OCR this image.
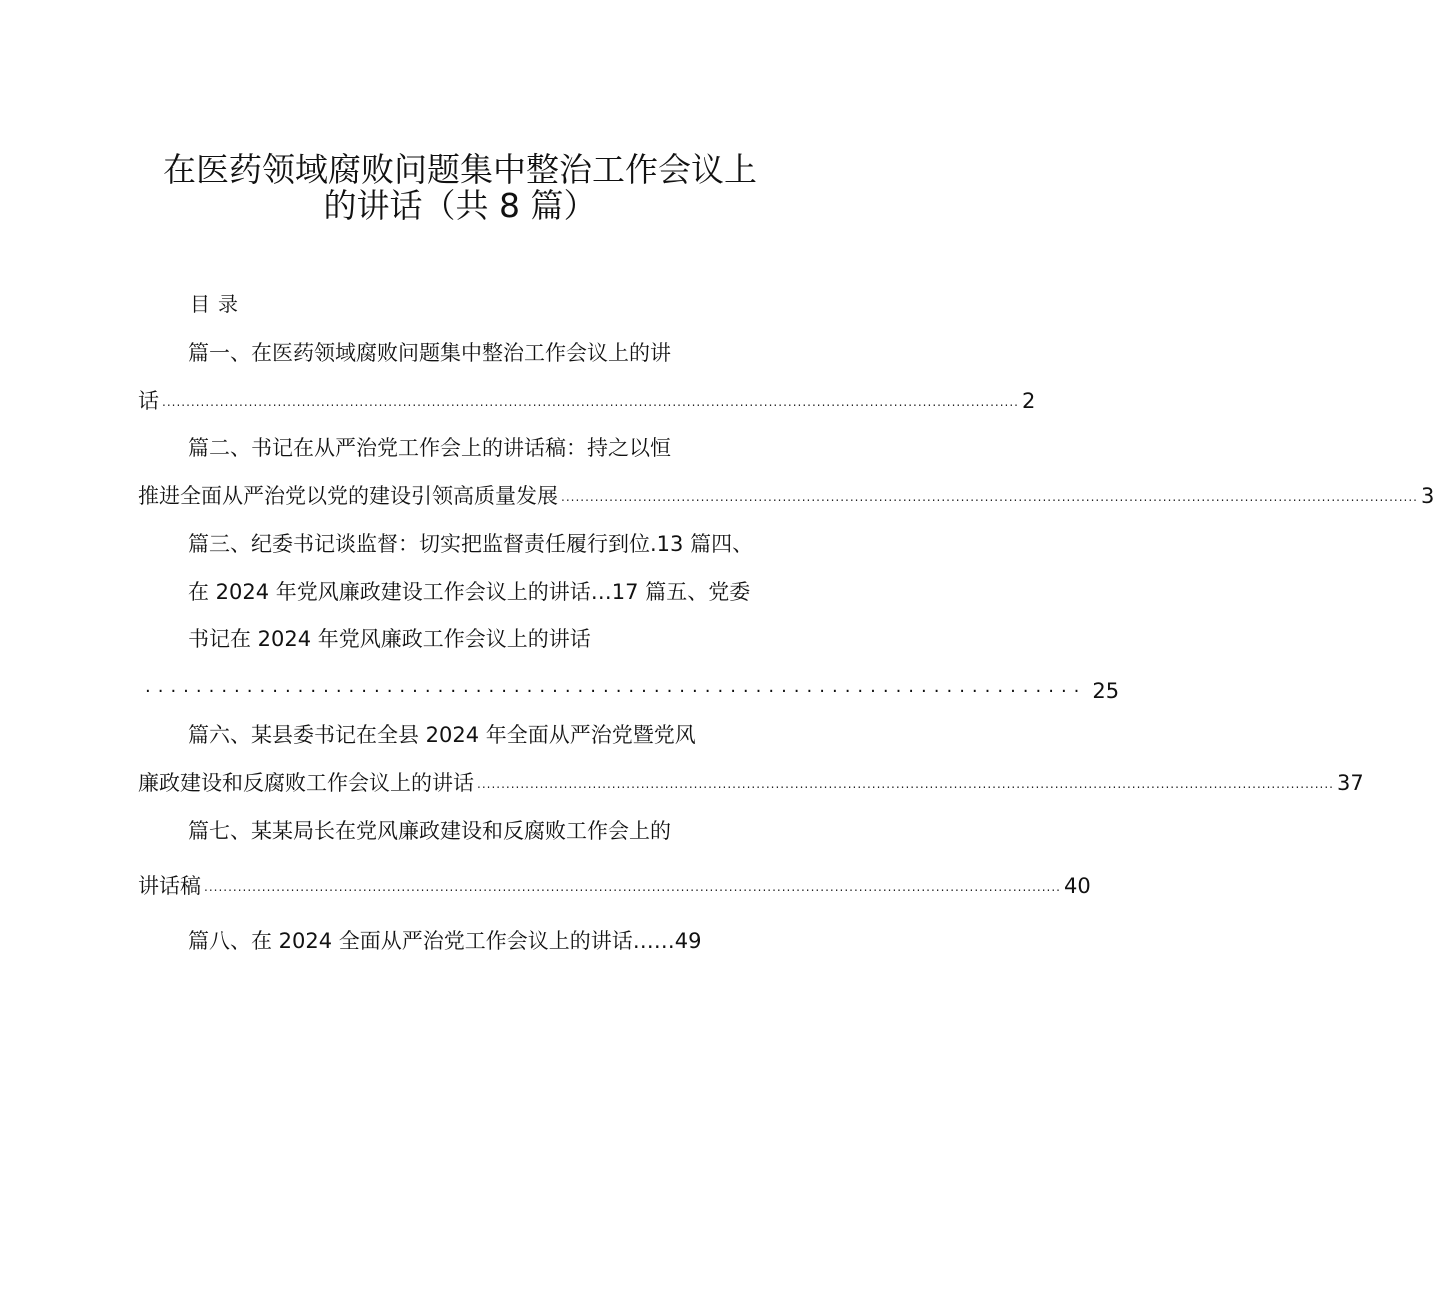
在医药领域腐败问题集中整治工作会议上
的讲话（共 8 篇）
目录
篇一、在医药领域腐败问题集中整治工作会议上的讲
话 .................................................................................................................................................................................. 2
篇二、书记在从严治党工作会上的讲话稿：持之以恒
推进全面从严治党以党的建设引领高质量发展 .................................................................................................................................................................................. 3
篇三、纪委书记谈监督：切实把监督责任履行到位.13 篇四、
在 2024 年党风廉政建设工作会议上的讲话…17 篇五、党委
书记在 2024 年党风廉政工作会议上的讲话
.......................................................................... 25
篇六、某县委书记在全县 2024 年全面从严治党暨党风
廉政建设和反腐败工作会议上的讲话 .................................................................................................................................................................................. 37
篇七、某某局长在党风廉政建设和反腐败工作会上的
讲话稿 .................................................................................................................................................................................. 40
篇八、在 2024 全面从严治党工作会议上的讲话……49
